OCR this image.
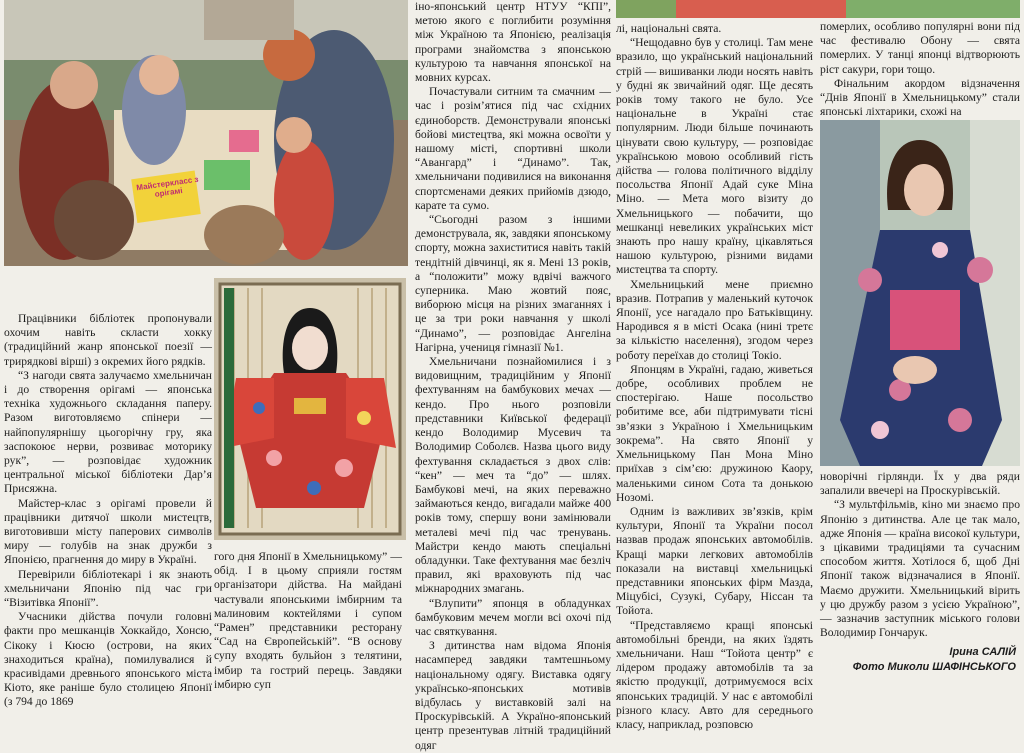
Майстеркласс з орігамі

Працівники бібліотек пропонували охочим навіть скласти хокку (традиційний жанр японської поезії — трирядкові вірші) з окремих його рядків.

“З нагоди свята залучаємо хмельничан і до створення орігамі — японська техніка художнього складання паперу. Разом виготовляємо спінери — найпопулярнішу цьогорічну гру, яка заспокоює нерви, розвиває моторику рук”, — розповідає художник центральної міської бібліотеки Дар’я Присяжна.

Майстер-клас з орігамі провели й працівники дитячої школи мистецтв, виготовивши місту паперових символів миру — голубів на знак дружби з Японією, прагнення до миру в Україні.

Перевірили бібліотекарі і як знають хмельничани Японію під час гри “Візитівка Японії”.

Учасники дійства почули головні факти про мешканців Хоккайдо, Хонсю, Сікоку і Кюсю (острови, на яких знаходиться країна), помилувалися й красивідами древнього японського міста Кіото, яке раніше було столицею Японії (з 794 до 1869

гого дня Японії в Хмельницькому” — обід. І в цьому сприяли гостям організатори дійства. На майдані частували японськими імбирним та малиновим коктейлями і супом “Рамен” представники ресторану “Сад на Європейській”. “В основу супу входять бульйон з телятини, імбир та гострий перець. Завдяки імбирю суп

іно-японський центр НТУУ “КПІ”, метою якого є поглибити розуміння між Україною та Японією, реалізація програми знайомства з японською культурою та навчання японської на мовних курсах.

Почастували ситним та смачним — час і розім’ятися під час східних єдиноборств. Демонстрували японські бойові мистецтва, які можна освоїти у нашому місті, спортивні школи “Авангард” і “Динамо”. Так, хмельничани подивилися на виконання спортсменами деяких прийомів дзюдо, карате та сумо.

“Сьогодні разом з іншими демонструвала, як, завдяки японському спорту, можна захиститися навіть такій тендітній дівчинці, як я. Мені 13 років, а “положити” можу вдвічі важчого суперника. Маю жовтий пояс, виборюю місця на різних змаганнях і це за три роки навчання у школі “Динамо”, — розповідає Ангеліна Нагірна, учениця гімназії №1.

Хмельничани познайомилися і з видовищним, традиційним у Японії фехтуванням на бамбукових мечах — кендо. Про нього розповіли представники Київської федерації кендо Володимир Мусевич та Володимир Соболєв. Назва цього виду фехтування складається з двох слів: “кен” — меч та “до” — шлях. Бамбукові мечі, на яких переважно займаються кендо, вигадали майже 400 років тому, спершу вони замінювали металеві мечі під час тренувань. Майстри кендо мають спеціальні обладунки. Таке фехтування має безліч правил, які враховують під час міжнародних змагань.

“Влупити” японця в обладунках бамбуковим мечем могли всі охочі під час святкування.

З дитинства нам відома Японія насамперед завдяки тамтешньому національному одягу. Виставка одягу українсько-японських мотивів відбулась у виставковій залі на Проскурівській. А Україно-японський центр презентував літній традиційний одяг

лі, національні свята.

“Нещодавно був у столиці. Там мене вразило, що український національний стрій — вишиванки люди носять навіть у будні як звичайний одяг. Ще десять років тому такого не було. Усе національне в Україні стає популярним. Люди більше починають цінувати свою культуру, — розповідає українською мовою особливий гість дійства — голова політичного відділу посольства Японії Адай суке Міна Міно. — Мета мого візиту до Хмельницького — побачити, що мешканці невеликих українських міст знають про нашу країну, цікавляться нашою культурою, різними видами мистецтва та спорту.

Хмельницький мене приємно вразив. Потрапив у маленький куточок Японії, усе нагадало про Батьківщину. Народився я в місті Осака (нині третє за кількістю населення), згодом через роботу переїхав до столиці Токіо.

Японцям в Україні, гадаю, живеться добре, особливих проблем не спостерігаю. Наше посольство робитиме все, аби підтримувати тісні зв’язки з Україною і Хмельницьким зокрема”. На свято Японії у Хмельницькому Пан Мона Міно приїхав з сім’єю: дружиною Каору, маленькими сином Сота та донькою Нозомі.

Одним із важливих зв’язків, крім культури, Японії та України посол назвав продаж японських автомобілів. Кращі марки легкових автомобілів показали на виставці хмельницькі представники японських фірм Мазда, Міцубісі, Сузукі, Субару, Ніссан та Тойота.

“Представляємо кращі японські автомобільні бренди, на яких їздять хмельничани. Наш “Тойота центр” є лідером продажу автомобілів та за якістю продукції, дотримуємося всіх японських традицій. У нас є автомобілі різного класу. Авто для середнього класу, наприклад, розповсю

померлих, особливо популярні вони під час фестивалю Обону — свята померлих. У танці японці відтворюють ріст сакури, гори тощо.

Фінальним акордом відзначення “Днів Японії в Хмельницькому” стали японські ліхтарики, схожі на

новорічні гірлянди. Їх у два ряди запалили ввечері на Проскурівській.

“З мультфільмів, кіно ми знаємо про Японію з дитинства. Але це так мало, адже Японія — країна високої культури, з цікавими традиціями та сучасним способом життя. Хотілося б, щоб Дні Японії також відзначалися в Японії. Маємо дружити. Хмельницький вірить у цю дружбу разом з усією Україною”, — зазначив заступник міського голови Володимир Гончарук.

Ірина САЛІЙ
Фото Миколи ШАФІНСЬКОГО
